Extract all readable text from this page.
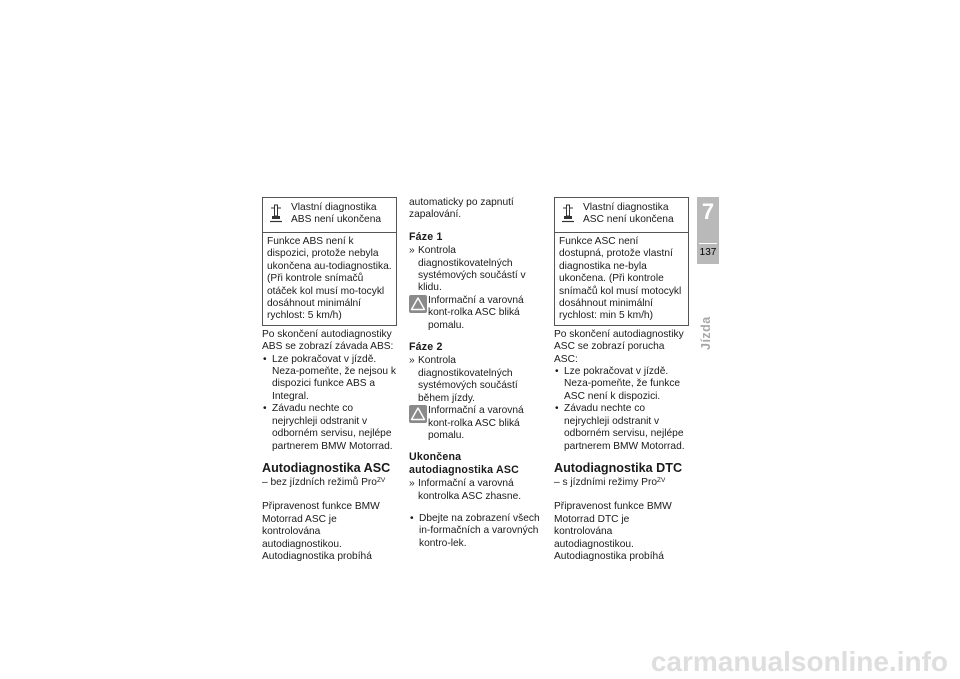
Vlastní diagnostika ABS není ukončena
Funkce ABS není k dispozici, protože nebyla ukončena au-todiagnostika. (Při kontrole snímačů otáček kol musí mo-tocykl dosáhnout minimální rychlost: 5 km/h)

Po skončení autodiagnostiky ABS se zobrazí závada ABS:

• Lze pokračovat v jízdě. Neza-pomeňte, že nejsou k dispozici funkce ABS a Integral.
• Závadu nechte co nejrychleji odstranit v odborném servisu, nejlépe partnerem BMW Motorrad.
Autodiagnostika ASC
– bez jízdních režimů Pro$^{ZV}$

Připravenost funkce BMW Motorrad ASC je kontrolována autodiagnostikou. Autodiagnostika probíhá

automaticky po zapnutí zapalování.

Fáze 1
» Kontrola diagnostikovatelných systémových součástí v klidu.
Informační a varovná kont-rolka ASC bliká pomalu.
Fáze 2
» Kontrola diagnostikovatelných systémových součástí během jízdy.
Informační a varovná kont-rolka ASC bliká pomalu.
Ukončena autodiagnostika ASC
» Informační a varovná kontrolka ASC zhasne.
• Dbejte na zobrazení všech in-formačních a varovných kontro-lek.
Vlastní diagnostika ASC není ukončena
Funkce ASC není dostupná, protože vlastní diagnostika ne-byla ukončena. (Při kontrole snímačů kol musí motocykl dosáhnout minimální rychlost: min 5 km/h)

Po skončení autodiagnostiky ASC se zobrazí porucha ASC:

• Lze pokračovat v jízdě. Neza-pomeňte, že funkce ASC není k dispozici.
• Závadu nechte co nejrychleji odstranit v odborném servisu, nejlépe partnerem BMW Motorrad.
Autodiagnostika DTC
– s jízdními režimy Pro$^{ZV}$

Připravenost funkce BMW Motorrad DTC je kontrolována autodiagnostikou. Autodiagnostika probíhá

7
137
Jízda
carmanualsonline.info
